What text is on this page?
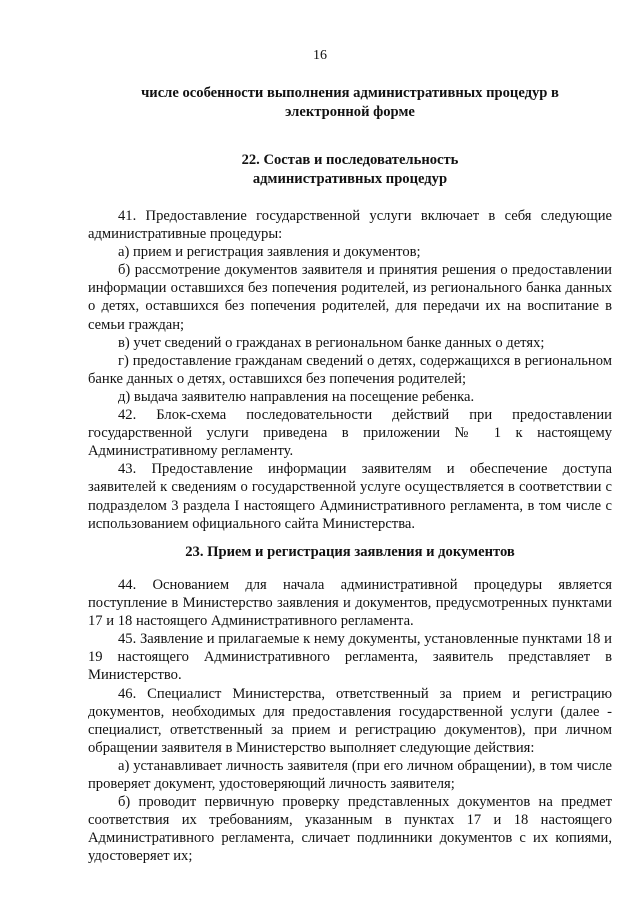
16
числе особенности выполнения административных процедур в
электронной форме
22. Состав и последовательность
административных процедур

41. Предоставление государственной услуги включает в себя следующие административные процедуры:

а) прием и регистрация заявления и документов;

б) рассмотрение документов заявителя и принятия решения о предоставлении информации оставшихся без попечения родителей, из регионального банка данных о детях, оставшихся без попечения родителей, для передачи их на воспитание в семьи граждан;

в) учет сведений о гражданах в региональном банке данных о детях;

г) предоставление гражданам сведений о детях, содержащихся в региональном банке данных о детях, оставшихся без попечения родителей;

д) выдача заявителю направления на посещение ребенка.

42. Блок-схема последовательности действий при предоставлении государственной услуги приведена в приложении № 1 к настоящему Административному регламенту.

43. Предоставление информации заявителям и обеспечение доступа заявителей к сведениям о государственной услуге осуществляется в соответствии с подразделом 3 раздела I настоящего Административного регламента, в том числе с использованием официального сайта Министерства.

23. Прием и регистрация заявления и документов

44. Основанием для начала административной процедуры является поступление в Министерство заявления и документов, предусмотренных пунктами 17 и 18 настоящего Административного регламента.

45. Заявление и прилагаемые к нему документы, установленные пунктами 18 и 19 настоящего Административного регламента, заявитель представляет в Министерство.

46. Специалист Министерства, ответственный за прием и регистрацию документов, необходимых для предоставления государственной услуги (далее - специалист, ответственный за прием и регистрацию документов), при личном обращении заявителя в Министерство выполняет следующие действия:

а) устанавливает личность заявителя (при его личном обращении), в том числе проверяет документ, удостоверяющий личность заявителя;

б) проводит первичную проверку представленных документов на предмет соответствия их требованиям, указанным в пунктах 17 и 18 настоящего Административного регламента, сличает подлинники документов с их копиями, удостоверяет их;
